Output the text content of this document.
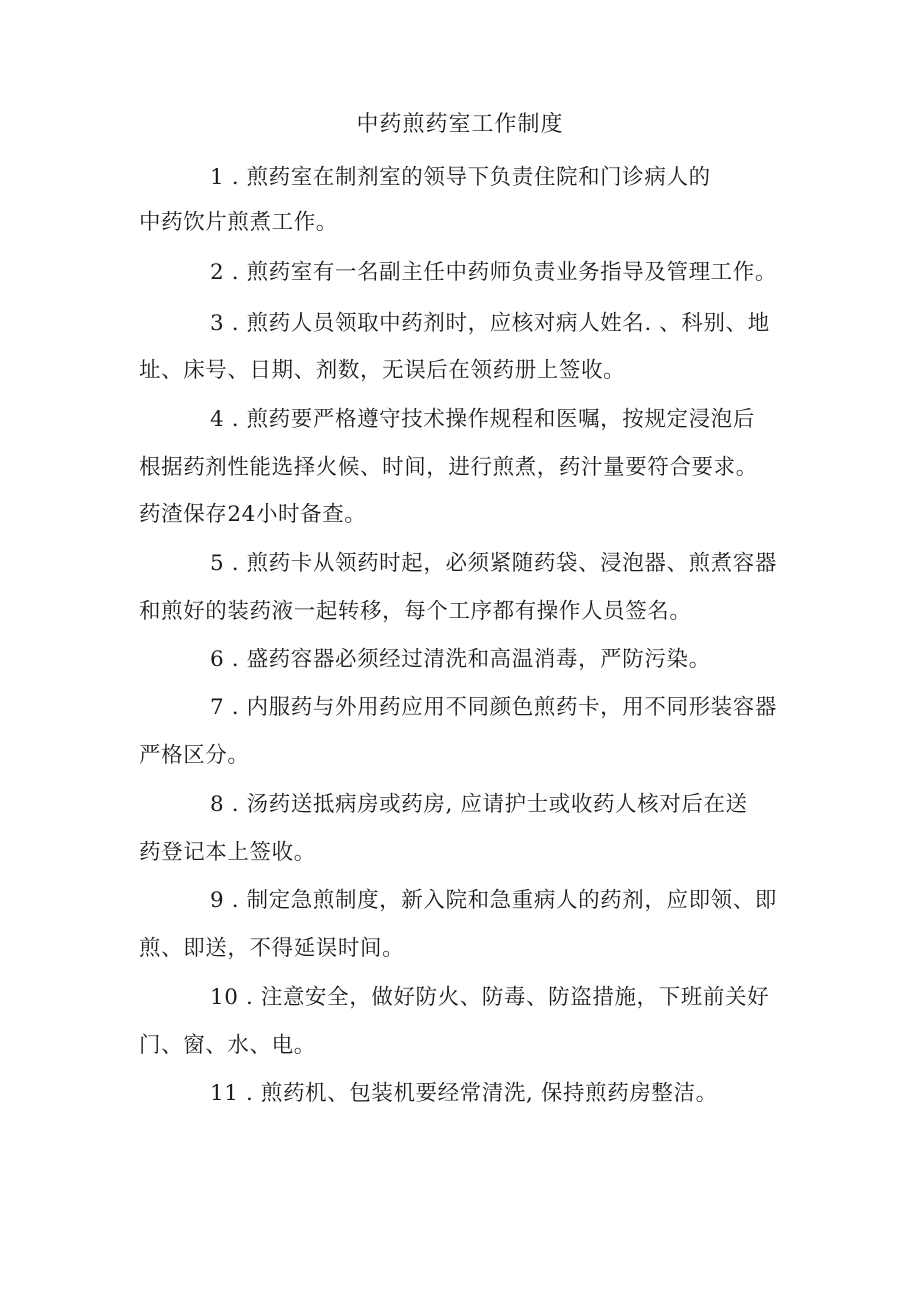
中药煎药室工作制度
1 . 煎药室在制剂室的领导下负责住院和门诊病人的
中药饮片煎煮工作。
2 . 煎药室有一名副主任中药师负责业务指导及管理工作。
3 . 煎药人员领取中药剂时，应核对病人姓名. 、科别、地
址、床号、日期、剂数，无误后在领药册上签收。
4 . 煎药要严格遵守技术操作规程和医嘱，按规定浸泡后
根据药剂性能选择火候、时间，进行煎煮，药汁量要符合要求。
药渣保存24小时备查。
5 . 煎药卡从领药时起，必须紧随药袋、浸泡器、煎煮容器
和煎好的装药液一起转移，每个工序都有操作人员签名。
6 . 盛药容器必须经过清洗和高温消毒，严防污染。
7 . 内服药与外用药应用不同颜色煎药卡，用不同形装容器
严格区分。
8 . 汤药送抵病房或药房, 应请护士或收药人核对后在送
药登记本上签收。
9 . 制定急煎制度，新入院和急重病人的药剂，应即领、即
煎、即送，不得延误时间。
10 . 注意安全，做好防火、防毒、防盗措施，下班前关好
门、窗、水、电。
11 . 煎药机、包装机要经常清洗, 保持煎药房整洁。
